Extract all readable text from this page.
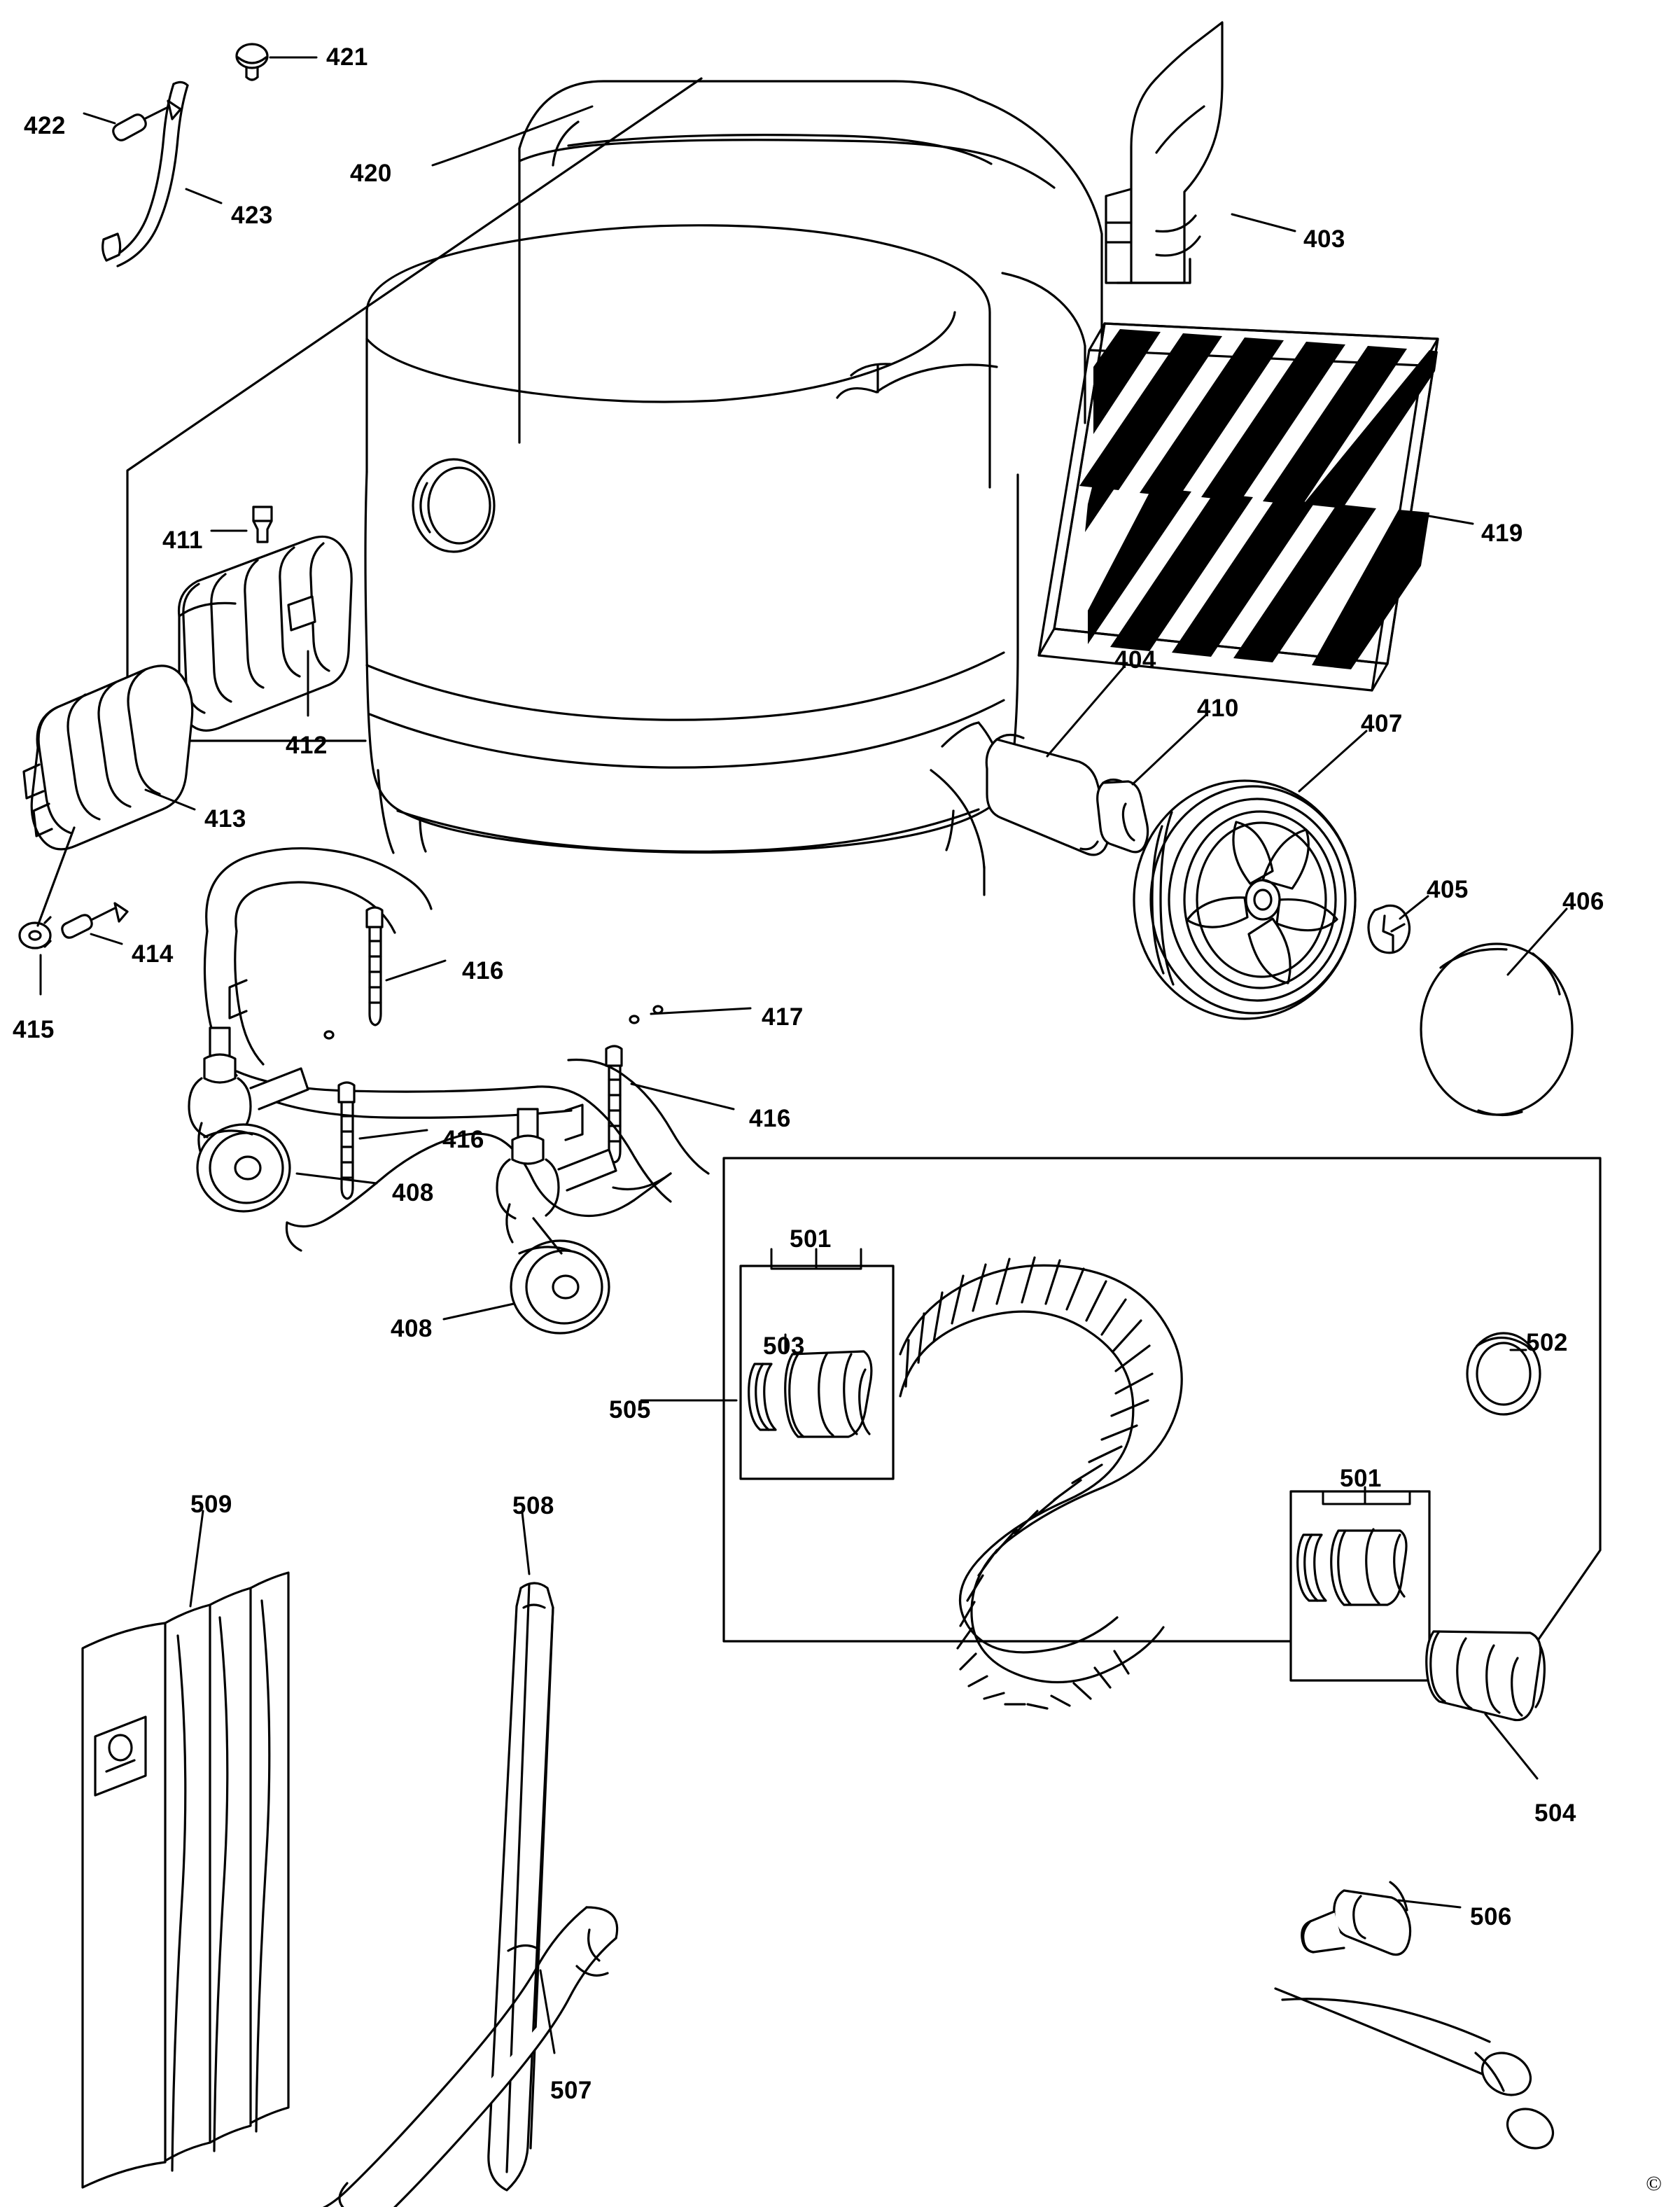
421
422
423
420
403
419
411
412
413
414
415
404
410
407
405	406
416
417
416
416
408
408
501
503
505
502
501
504
509	508
507
506
©
